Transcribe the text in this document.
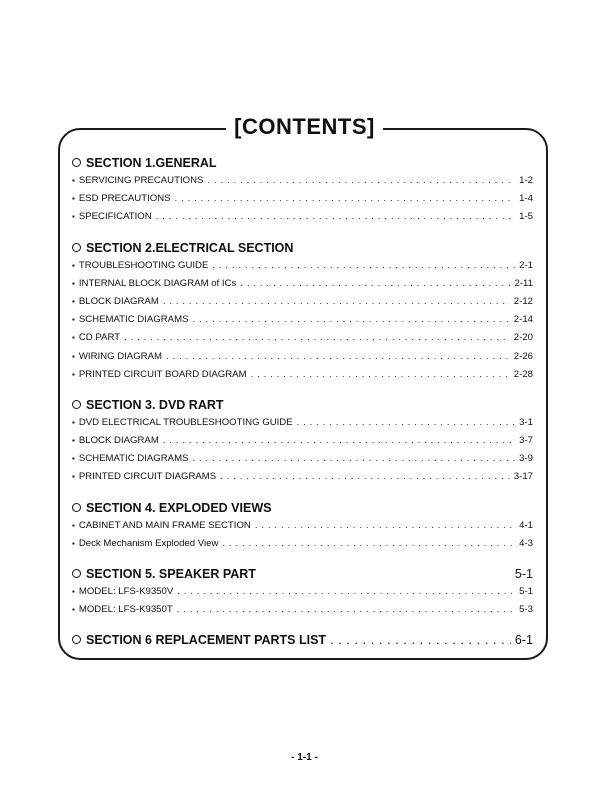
[CONTENTS]
SECTION 1.GENERAL
▪ SERVICING PRECAUTIONS . . .	1-2
▪ ESD PRECAUTIONS . . .	1-4
▪ SPECIFICATION . . .	1-5
SECTION 2.ELECTRICAL SECTION
▪ TROUBLESHOOTING GUIDE . . .	2-1
▪ INTERNAL BLOCK DIAGRAM of ICs . . .	2-11
▪ BLOCK DIAGRAM . . .	2-12
▪ SCHEMATIC DIAGRAMS . . .	2-14
▪ CD PART . . .	2-20
▪ WIRING DIAGRAM . . .	2-26
▪ PRINTED CIRCUIT BOARD DIAGRAM . . .	2-28
SECTION 3. DVD RART
▪ DVD ELECTRICAL TROUBLESHOOTING GUIDE . . .	3-1
▪ BLOCK DIAGRAM . . .	3-7
▪ SCHEMATIC DIAGRAMS . . .	3-9
▪ PRINTED CIRCUIT DIAGRAMS . . .	3-17
SECTION 4. EXPLODED VIEWS
▪ CABINET AND MAIN FRAME SECTION . . .	4-1
▪ Deck Mechanism Exploded View . . .	4-3
SECTION 5. SPEAKER PART	5-1
▪ MODEL: LFS-K9350V . . .	5-1
▪ MODEL: LFS-K9350T . . .	5-3
SECTION 6 REPLACEMENT PARTS LIST . . .	6-1
- 1-1 -
